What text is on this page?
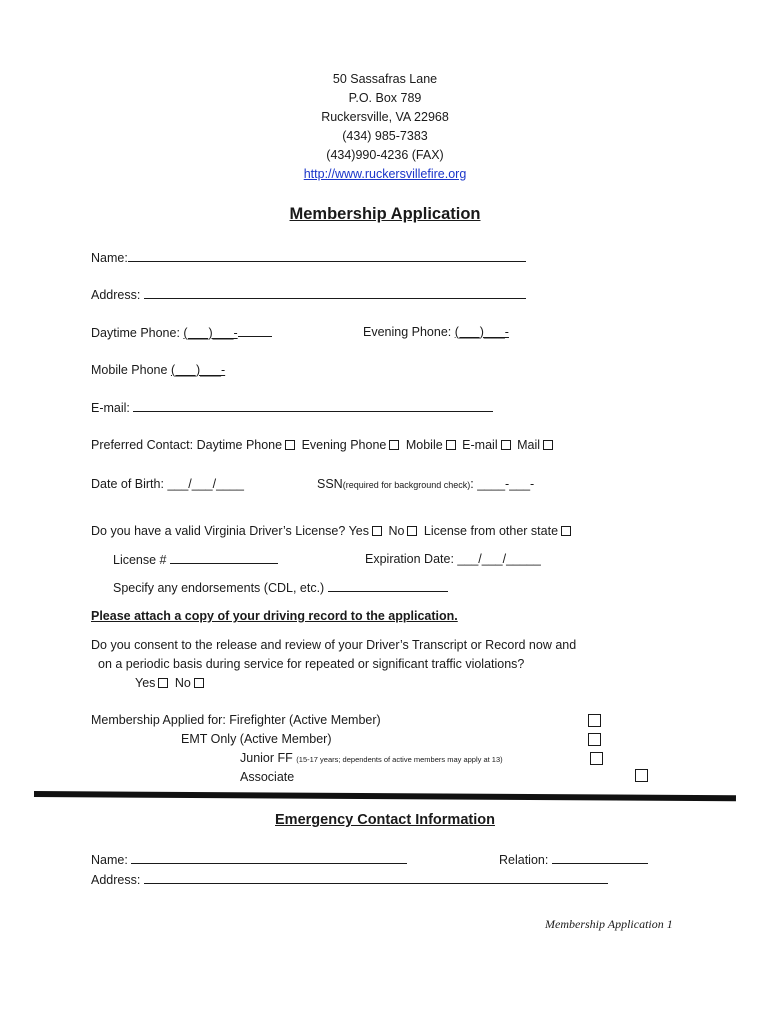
50 Sassafras Lane
P.O. Box 789
Ruckersville, VA 22968
(434) 985-7383
(434)990-4236 (FAX)
http://www.ruckersvillefire.org
Membership Application
Name:
Address:
Daytime Phone: (___)___-	Evening Phone: (___)___-
Mobile Phone (___)___-
E-mail:
Preferred Contact: Daytime Phone Evening Phone Mobile E-mail Mail
Date of Birth: ___/___/____	SSN(required for background check): ____-___-
Do you have a valid Virginia Driver’s License? Yes No License from other state
License #	Expiration Date: ___/___/_____
Specify any endorsements (CDL, etc.)
Please attach a copy of your driving record to the application.
Do you consent to the release and review of your Driver’s Transcript or Record now and
on a periodic basis during service for repeated or significant traffic violations?
Yes No
Membership Applied for: Firefighter (Active Member)
EMT Only (Active Member)
Junior FF (15-17 years; dependents of active members may apply at 13)
Associate
Emergency Contact Information
Name:	Relation:
Address:
Membership Application 1
